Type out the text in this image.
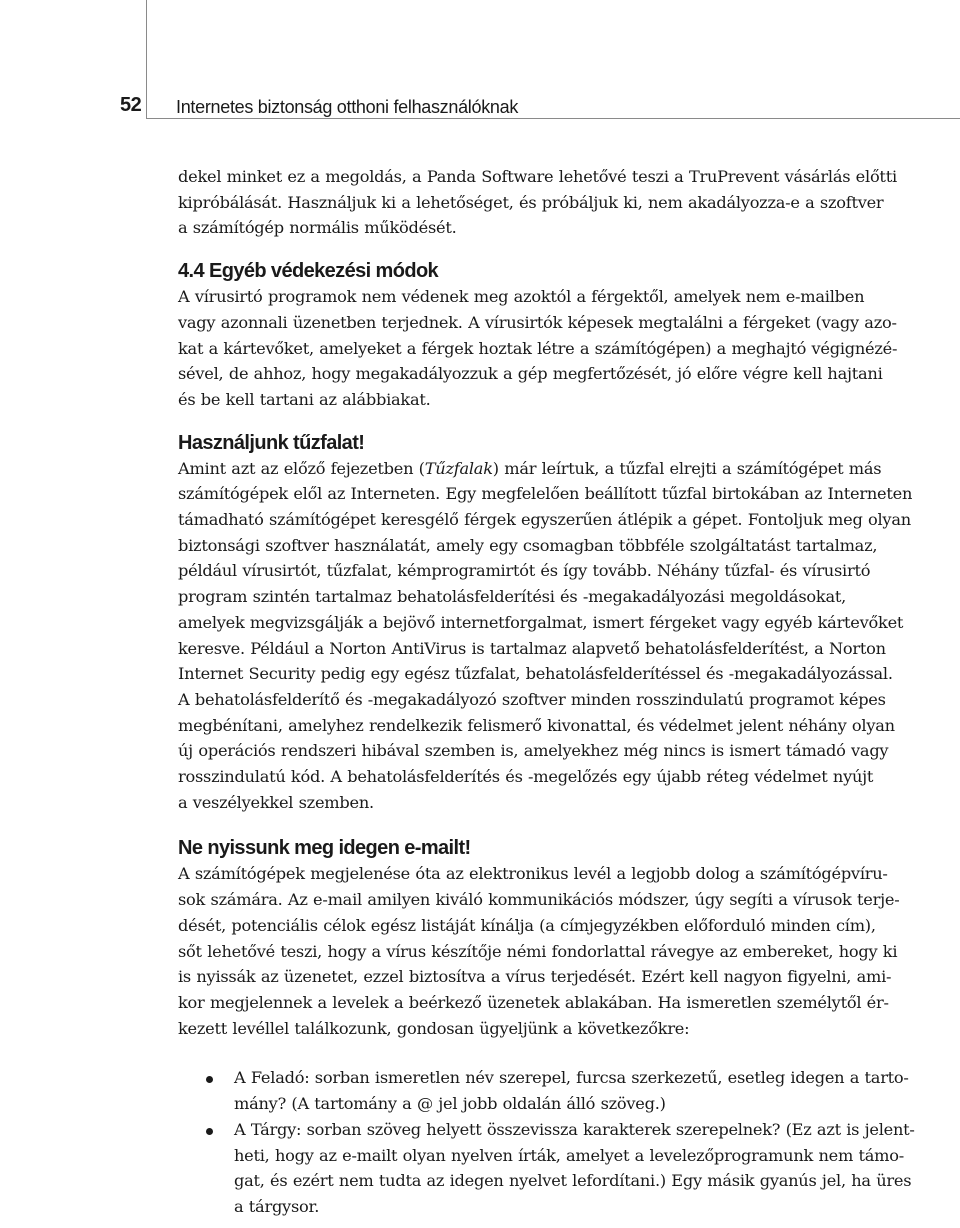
52 Internetes biztonság otthoni felhasználóknak

dekel minket ez a megoldás, a Panda Software lehetővé teszi a TruPrevent vásárlás előtti
kipróbálását. Használjuk ki a lehetőséget, és próbáljuk ki, nem akadályozza-e a szoftver
a számítógép normális működését.

4.4 Egyéb védekezési módok

A vírusirtó programok nem védenek meg azoktól a férgektől, amelyek nem e-mailben
vagy azonnali üzenetben terjednek. A vírusirtók képesek megtalálni a férgeket (vagy azo-
kat a kártevőket, amelyeket a férgek hoztak létre a számítógépen) a meghajtó végignézé-
sével, de ahhoz, hogy megakadályozzuk a gép megfertőzését, jó előre végre kell hajtani
és be kell tartani az alábbiakat.

Használjunk tűzfalat!

Amint azt az előző fejezetben (Tűzfalak) már leírtuk, a tűzfal elrejti a számítógépet más
számítógépek elől az Interneten. Egy megfelelően beállított tűzfal birtokában az Interneten
támadható számítógépet keresgélő férgek egyszerűen átlépik a gépet. Fontoljuk meg olyan
biztonsági szoftver használatát, amely egy csomagban többféle szolgáltatást tartalmaz,
például vírusirtót, tűzfalat, kémprogramirtót és így tovább. Néhány tűzfal- és vírusirtó
program szintén tartalmaz behatolásfelderítési és -megakadályozási megoldásokat,
amelyek megvizsgálják a bejövő internetforgalmat, ismert férgeket vagy egyéb kártevőket
keresve. Például a Norton AntiVirus is tartalmaz alapvető behatolásfelderítést, a Norton
Internet Security pedig egy egész tűzfalat, behatolásfelderítéssel és -megakadályozással.
A behatolásfelderítő és -megakadályozó szoftver minden rosszindulatú programot képes
megbénítani, amelyhez rendelkezik felismerő kivonattal, és védelmet jelent néhány olyan
új operációs rendszeri hibával szemben is, amelyekhez még nincs is ismert támadó vagy
rosszindulatú kód. A behatolásfelderítés és -megelőzés egy újabb réteg védelmet nyújt
a veszélyekkel szemben.

Ne nyissunk meg idegen e-mailt!

A számítógépek megjelenése óta az elektronikus levél a legjobb dolog a számítógépvíru-
sok számára. Az e-mail amilyen kiváló kommunikációs módszer, úgy segíti a vírusok terje-
dését, potenciális célok egész listáját kínálja (a címjegyzékben előforduló minden cím),
sőt lehetővé teszi, hogy a vírus készítője némi fondorlattal rávegye az embereket, hogy ki
is nyissák az üzenetet, ezzel biztosítva a vírus terjedését. Ezért kell nagyon figyelni, ami-
kor megjelennek a levelek a beérkező üzenetek ablakában. Ha ismeretlen személytől ér-
kezett levéllel találkozunk, gondosan ügyeljünk a következőkre:

A Feladó: sorban ismeretlen név szerepel, furcsa szerkezetű, esetleg idegen a tarto-
mány? (A tartomány a @ jel jobb oldalán álló szöveg.)

A Tárgy: sorban szöveg helyett összevissza karakterek szerepelnek? (Ez azt is jelent-
heti, hogy az e-mailt olyan nyelven írták, amelyet a levelezőprogramunk nem támo-
gat, és ezért nem tudta az idegen nyelvet lefordítani.) Egy másik gyanús jel, ha üres
a tárgysor.
